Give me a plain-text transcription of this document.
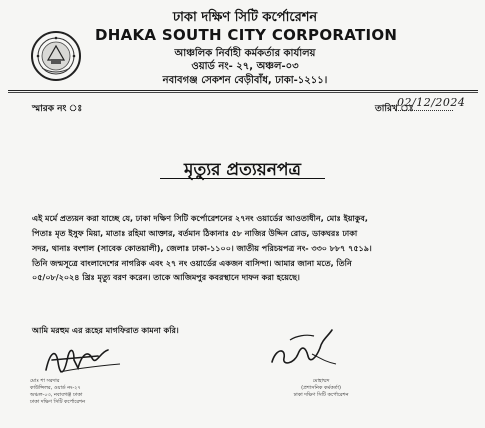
ঢাকা দক্ষিণ সিটি কর্পোরেশন
DHAKA SOUTH CITY CORPORATION
আঞ্চলিক নির্বাহী কর্মকর্তার কার্যালয়
ওয়ার্ড নং- ২৭, অঞ্চল-০৩
নবাবগঞ্জ সেকশন বেড়ীবাঁধ, ঢাকা-১২১১।
স্মারক নং ঃ	তারিখ ঃ
02/12/2024
মৃত্যুর প্রত্যয়নপত্র
এই মর্মে প্রত্যয়ন করা যাচ্ছে যে, ঢাকা দক্ষিণ সিটি কর্পোরেশনের ২৭নং ওয়ার্ডের আওতাধীন, মোঃ ইয়াকুব,
পিতাঃ মৃত ইসুফ মিয়া, মাতাঃ রহিমা আক্তার, বর্তমান ঠিকানাঃ ৫৮ নাজির উদ্দিন রোড, ডাকঘরঃ ঢাকা
সদর, থানাঃ বংশাল (সাবেক কোতয়ালী), জেলাঃ ঢাকা-১১০০। জাতীয় পরিচয়পত্র নং- ৩৩০ ৮৮৭ ৭৫১৯।
তিনি জন্মসূত্রে বাংলাদেশের নাগরিক এবং ২৭ নং ওয়ার্ডের একজন বাসিন্দা। আমার জানা মতে, তিনি
০৫/০৮/২০২৪ খ্রিঃ মৃত্যু বরণ করেন। তাকে আজিমপুর কবরস্থানে দাফন করা হয়েছে।
আমি মরহুম এর রূহের মাগফিরাত কামনা করি।
মোঃ শা সরদার
কাউন্সিলর, ওয়ার্ড নং-২৭
অঞ্চল-০৩, নবাবগঞ্জ ঢাকা
ঢাকা দক্ষিণ সিটি কর্পোরেশন
মোহাম্মদ
(প্রশাসনিক কর্মকর্তা)
ঢাকা দক্ষিণ সিটি কর্পোরেশন
